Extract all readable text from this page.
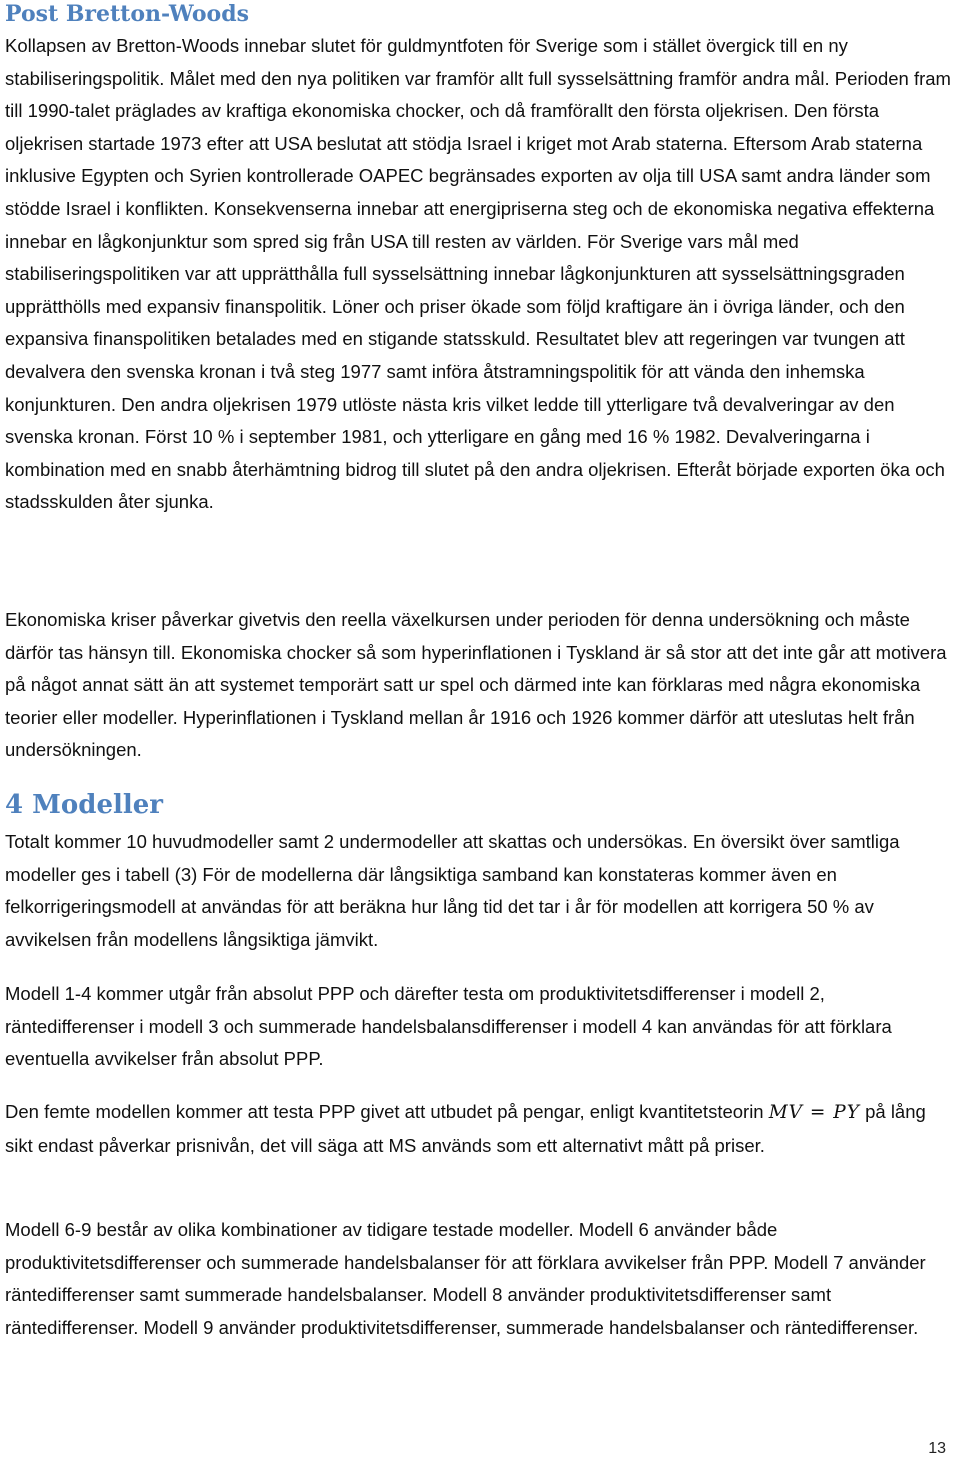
Post Bretton-Woods

Kollapsen av Bretton-Woods innebar slutet för guldmyntfoten för Sverige som i stället övergick till en ny stabiliseringspolitik. Målet med den nya politiken var framför allt full sysselsättning framför andra mål. Perioden fram till 1990-talet präglades av kraftiga ekonomiska chocker, och då framförallt den första oljekrisen. Den första oljekrisen startade 1973 efter att USA beslutat att stödja Israel i kriget mot Arab staterna. Eftersom Arab staterna inklusive Egypten och Syrien kontrollerade OAPEC begränsades exporten av olja till USA samt andra länder som stödde Israel i konflikten. Konsekvenserna innebar att energipriserna steg och de ekonomiska negativa effekterna innebar en lågkonjunktur som spred sig från USA till resten av världen. För Sverige vars mål med stabiliseringspolitiken var att upprätthålla full sysselsättning innebar lågkonjunkturen att sysselsättningsgraden upprätthölls med expansiv finanspolitik. Löner och priser ökade som följd kraftigare än i övriga länder, och den expansiva finanspolitiken betalades med en stigande statsskuld. Resultatet blev att regeringen var tvungen att devalvera den svenska kronan i två steg 1977 samt införa åtstramningspolitik för att vända den inhemska konjunkturen. Den andra oljekrisen 1979 utlöste nästa kris vilket ledde till ytterligare två devalveringar av den svenska kronan. Först 10 % i september 1981, och ytterligare en gång med 16 % 1982. Devalveringarna i kombination med en snabb återhämtning bidrog till slutet på den andra oljekrisen. Efteråt började exporten öka och stadsskulden åter sjunka.

Ekonomiska kriser påverkar givetvis den reella växelkursen under perioden för denna undersökning och måste därför tas hänsyn till. Ekonomiska chocker så som hyperinflationen i Tyskland är så stor att det inte går att motivera på något annat sätt än att systemet temporärt satt ur spel och därmed inte kan förklaras med några ekonomiska teorier eller modeller. Hyperinflationen i Tyskland mellan år 1916 och 1926 kommer därför att uteslutas helt från undersökningen.

4 Modeller

Totalt kommer 10 huvudmodeller samt 2 undermodeller att skattas och undersökas. En översikt över samtliga modeller ges i tabell (3) För de modellerna där långsiktiga samband kan konstateras kommer även en felkorrigeringsmodell at användas för att beräkna hur lång tid det tar i år för modellen att korrigera 50 % av avvikelsen från modellens långsiktiga jämvikt.

Modell 1-4 kommer utgår från absolut PPP och därefter testa om produktivitetsdifferenser i modell 2, räntedifferenser i modell 3 och summerade handelsbalansdifferenser i modell 4 kan användas för att förklara eventuella avvikelser från absolut PPP.

Den femte modellen kommer att testa PPP givet att utbudet på pengar, enligt kvantitetsteorin MV = PY på lång sikt endast påverkar prisnivån, det vill säga att MS används som ett alternativt mått på priser.

Modell 6-9 består av olika kombinationer av tidigare testade modeller. Modell 6 använder både produktivitetsdifferenser och summerade handelsbalanser för att förklara avvikelser från PPP. Modell 7 använder räntedifferenser samt summerade handelsbalanser. Modell 8 använder produktivitetsdifferenser samt räntedifferenser. Modell 9 använder produktivitetsdifferenser, summerade handelsbalanser och räntedifferenser.

13
